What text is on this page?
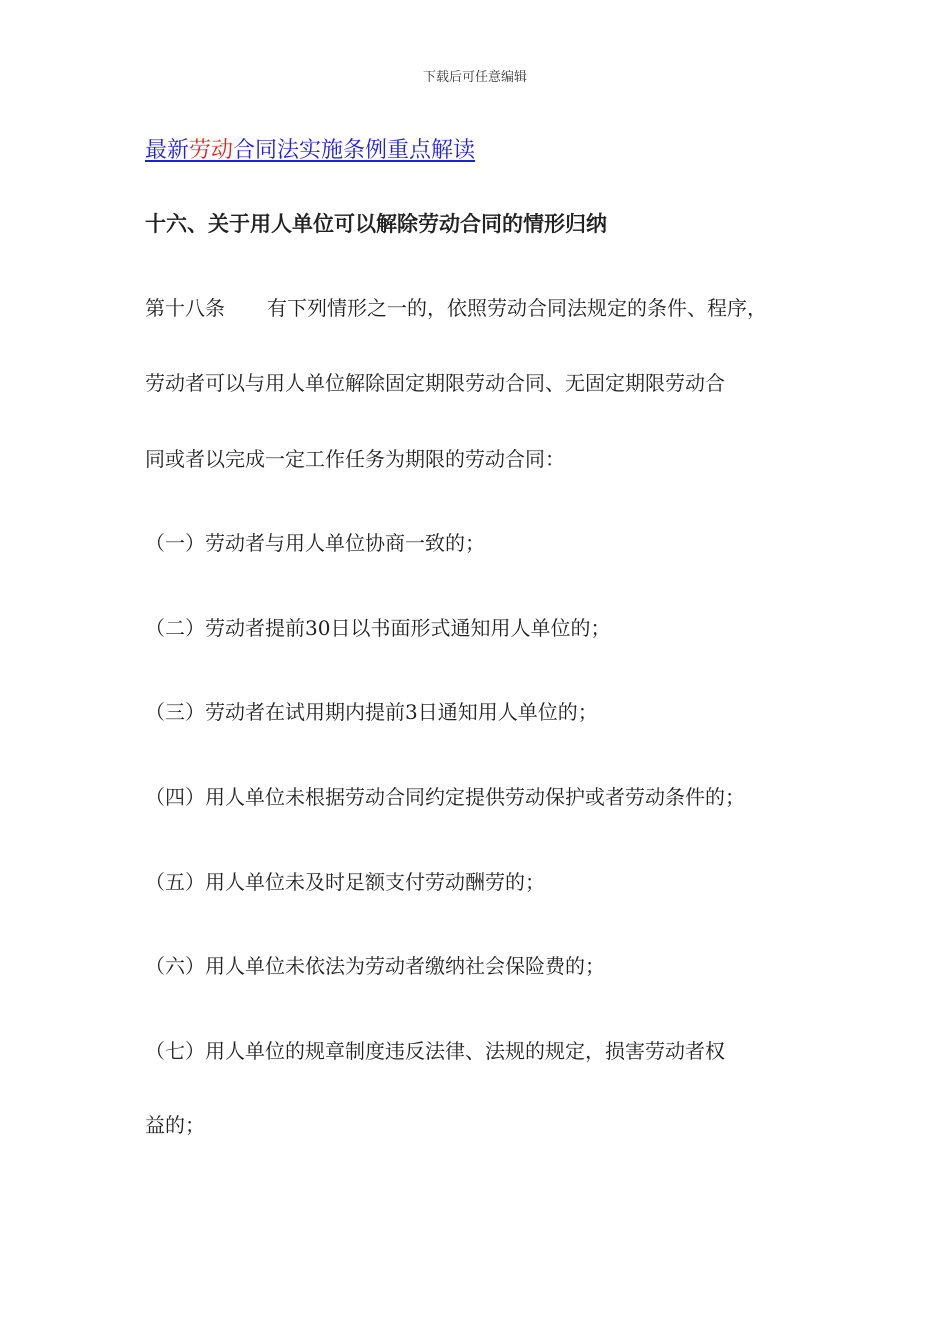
下载后可任意编辑
最新劳动合同法实施条例重点解读
十六、关于用人单位可以解除劳动合同的情形归纳
第十八条 有下列情形之一的，依照劳动合同法规定的条件、程序，
劳动者可以与用人单位解除固定期限劳动合同、无固定期限劳动合
同或者以完成一定工作任务为期限的劳动合同：
（一）劳动者与用人单位协商一致的；
（二）劳动者提前30日以书面形式通知用人单位的；
（三）劳动者在试用期内提前3日通知用人单位的；
（四）用人单位未根据劳动合同约定提供劳动保护或者劳动条件的；
（五）用人单位未及时足额支付劳动酬劳的；
（六）用人单位未依法为劳动者缴纳社会保险费的；
（七）用人单位的规章制度违反法律、法规的规定，损害劳动者权
益的；
